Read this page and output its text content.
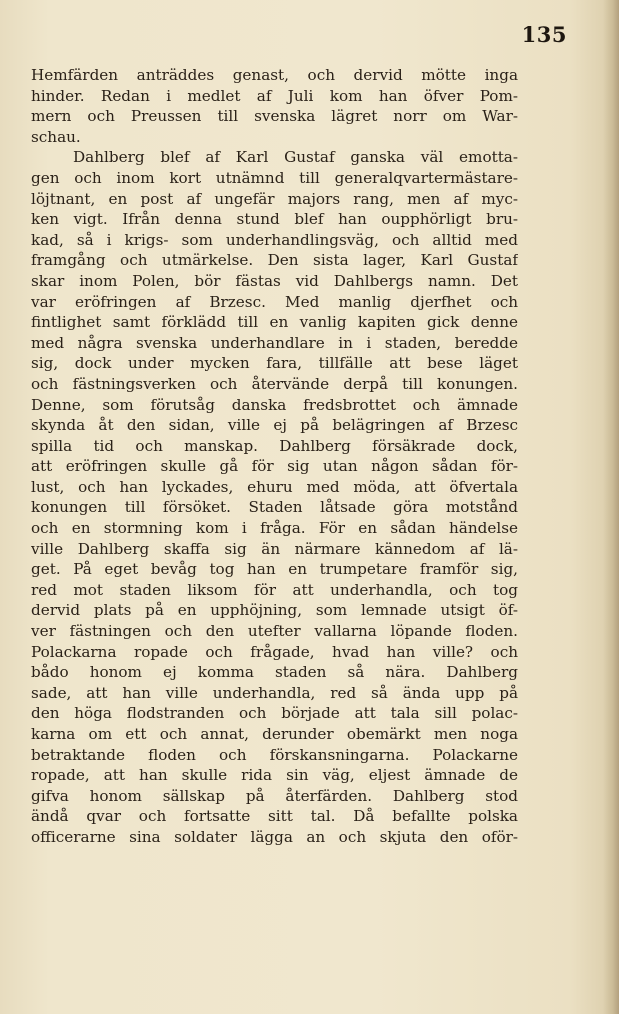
135
Hemfärden anträddes genast, och dervid mötte inga
hinder. Redan i medlet af Juli kom han öfver Pom-
mern och Preussen till svenska lägret norr om War-
schau.
Dahlberg blef af Karl Gustaf ganska väl emotta-
gen och inom kort utnämnd till generalqvartermästare-
löjtnant, en post af ungefär majors rang, men af myc-
ken vigt. Ifrån denna stund blef han oupphörligt bru-
kad, så i krigs- som underhandlingsväg, och alltid med
framgång och utmärkelse. Den sista lager, Karl Gustaf
skar inom Polen, bör fästas vid Dahlbergs namn. Det
var eröfringen af Brzesc. Med manlig djerfhet och
fintlighet samt förklädd till en vanlig kapiten gick denne
med några svenska underhandlare in i staden, beredde
sig, dock under mycken fara, tillfälle att bese läget
och fästningsverken och återvände derpå till konungen.
Denne, som förutsåg danska fredsbrottet och ämnade
skynda åt den sidan, ville ej på belägringen af Brzesc
spilla tid och manskap. Dahlberg försäkrade dock,
att eröfringen skulle gå för sig utan någon sådan för-
lust, och han lyckades, ehuru med möda, att öfvertala
konungen till försöket. Staden låtsade göra motstånd
och en stormning kom i fråga. För en sådan händelse
ville Dahlberg skaffa sig än närmare kännedom af lä-
get. På eget bevåg tog han en trumpetare framför sig,
red mot staden liksom för att underhandla, och tog
dervid plats på en upphöjning, som lemnade utsigt öf-
ver fästningen och den utefter vallarna löpande floden.
Polackarna ropade och frågade, hvad han ville? och
bådo honom ej komma staden så nära. Dahlberg
sade, att han ville underhandla, red så ända upp på
den höga flodstranden och började att tala sill polac-
karna om ett och annat, derunder obemärkt men noga
betraktande floden och förskansningarna. Polackarne
ropade, att han skulle rida sin väg, eljest ämnade de
gifva honom sällskap på återfärden. Dahlberg stod
ändå qvar och fortsatte sitt tal. Då befallte polska
officerarne sina soldater lägga an och skjuta den oför-
